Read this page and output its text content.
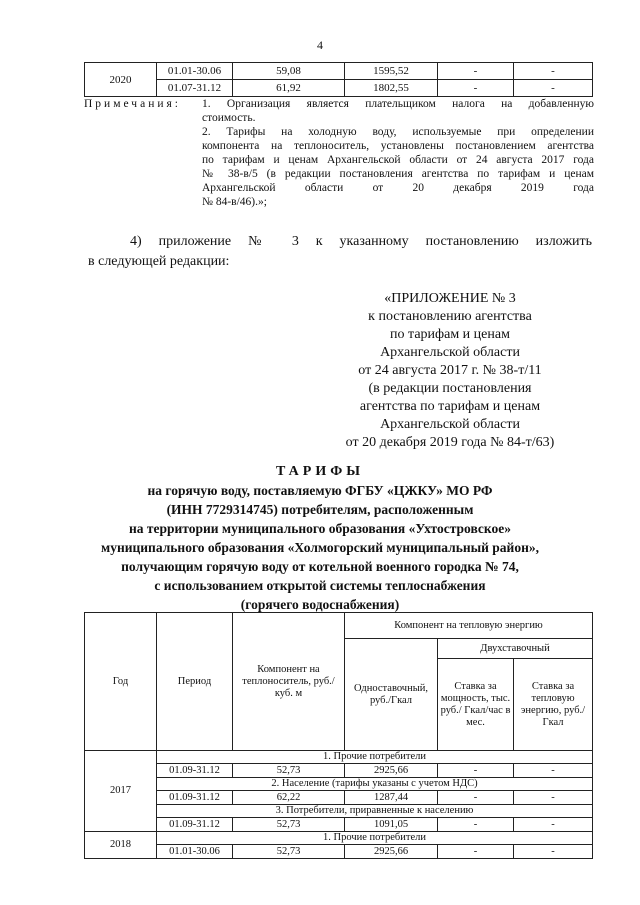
4
2020	01.01-30.06	59,08	1595,52	-	-
	01.07-31.12	61,92	1802,55	-	-
Примечания: 1. Организация является плательщиком налога на добавленную
стоимость.

2. Тарифы на холодную воду, используемые при определении
компонента на теплоноситель, установлены постановлением агентства
по тарифам и ценам Архангельской области от 24 августа 2017 года
№ 38-в/5 (в редакции постановления агентства по тарифам и ценам
Архангельской области от 20 декабря 2019 года
№ 84-в/46).»;

4) приложение № 3 к указанному постановлению изложить
в следующей редакции:
«ПРИЛОЖЕНИЕ № 3
к постановлению агентства
по тарифам и ценам
Архангельской области
от 24 августа 2017 г. № 38-т/11
(в редакции постановления
агентства по тарифам и ценам
Архангельской области
от 20 декабря 2019 года № 84-т/63)
ТАРИФЫ
на горячую воду, поставляемую ФГБУ «ЦЖКУ» МО РФ
(ИНН 7729314745) потребителям, расположенным
на территории муниципального образования «Ухтостровское»
муниципального образования «Холмогорский муниципальный район»,
получающим горячую воду от котельной военного городка № 74,
с использованием открытой системы теплоснабжения
(горячего водоснабжения)
Год	Период	Компонент на теплоноситель, руб./куб. м	Компонент на тепловую энергию		
			Одноставочный, руб./Гкал	Двухставочный	
				Ставка за мощность, тыс. руб./ Гкал/час в мес.	Ставка за тепловую энергию, руб./Гкал
2017	1. Прочие потребители				
	01.09-31.12	52,73	2925,66	-	-
	2. Население (тарифы указаны с учетом НДС)				
	01.09-31.12	62,22	1287,44	-	-
	3. Потребители, приравненные к населению				
	01.09-31.12	52,73	1091,05	-	-
2018	1. Прочие потребители				
	01.01-30.06	52,73	2925,66	-	-
